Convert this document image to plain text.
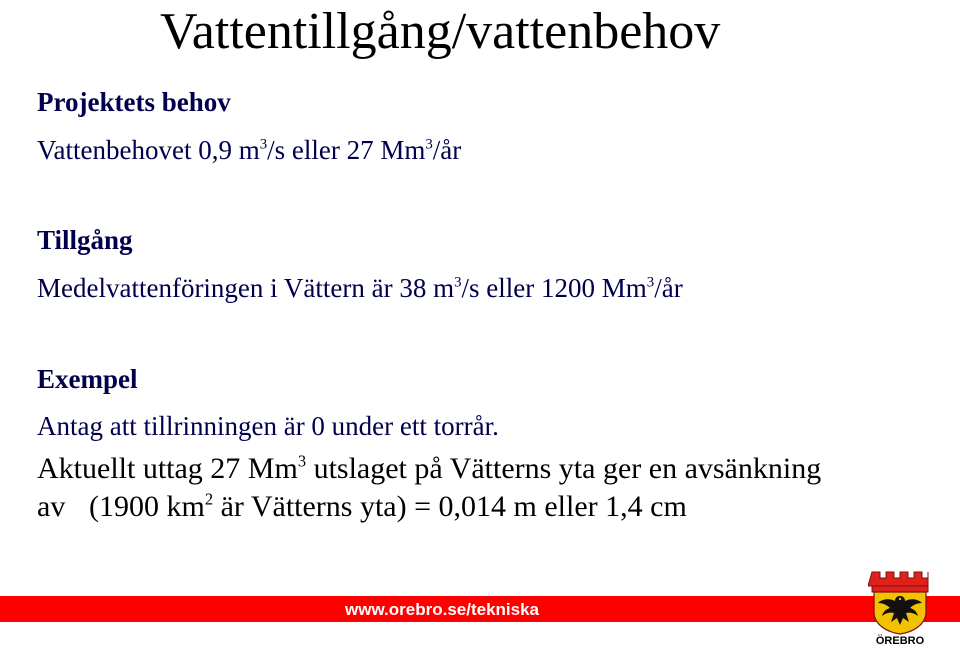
Vattentillgång/vattenbehov
Projektets behov
Vattenbehovet 0,9 $m^3/s$ eller 27 Mm$^3$/år
Tillgång
Medelvattenföringen i Vättern är 38 $m^3/s$ eller 1200 Mm$^3$/år
Exempel
Antag att tillrinningen är 0 under ett torrår.
Aktuellt uttag 27 Mm$^3$ utslaget på Vätterns yta ger en avsänkning
av (1900 $km^2$ är Vätterns yta) = 0,014 m eller 1,4 cm
www.orebro.se/tekniska
ÖREBRO
